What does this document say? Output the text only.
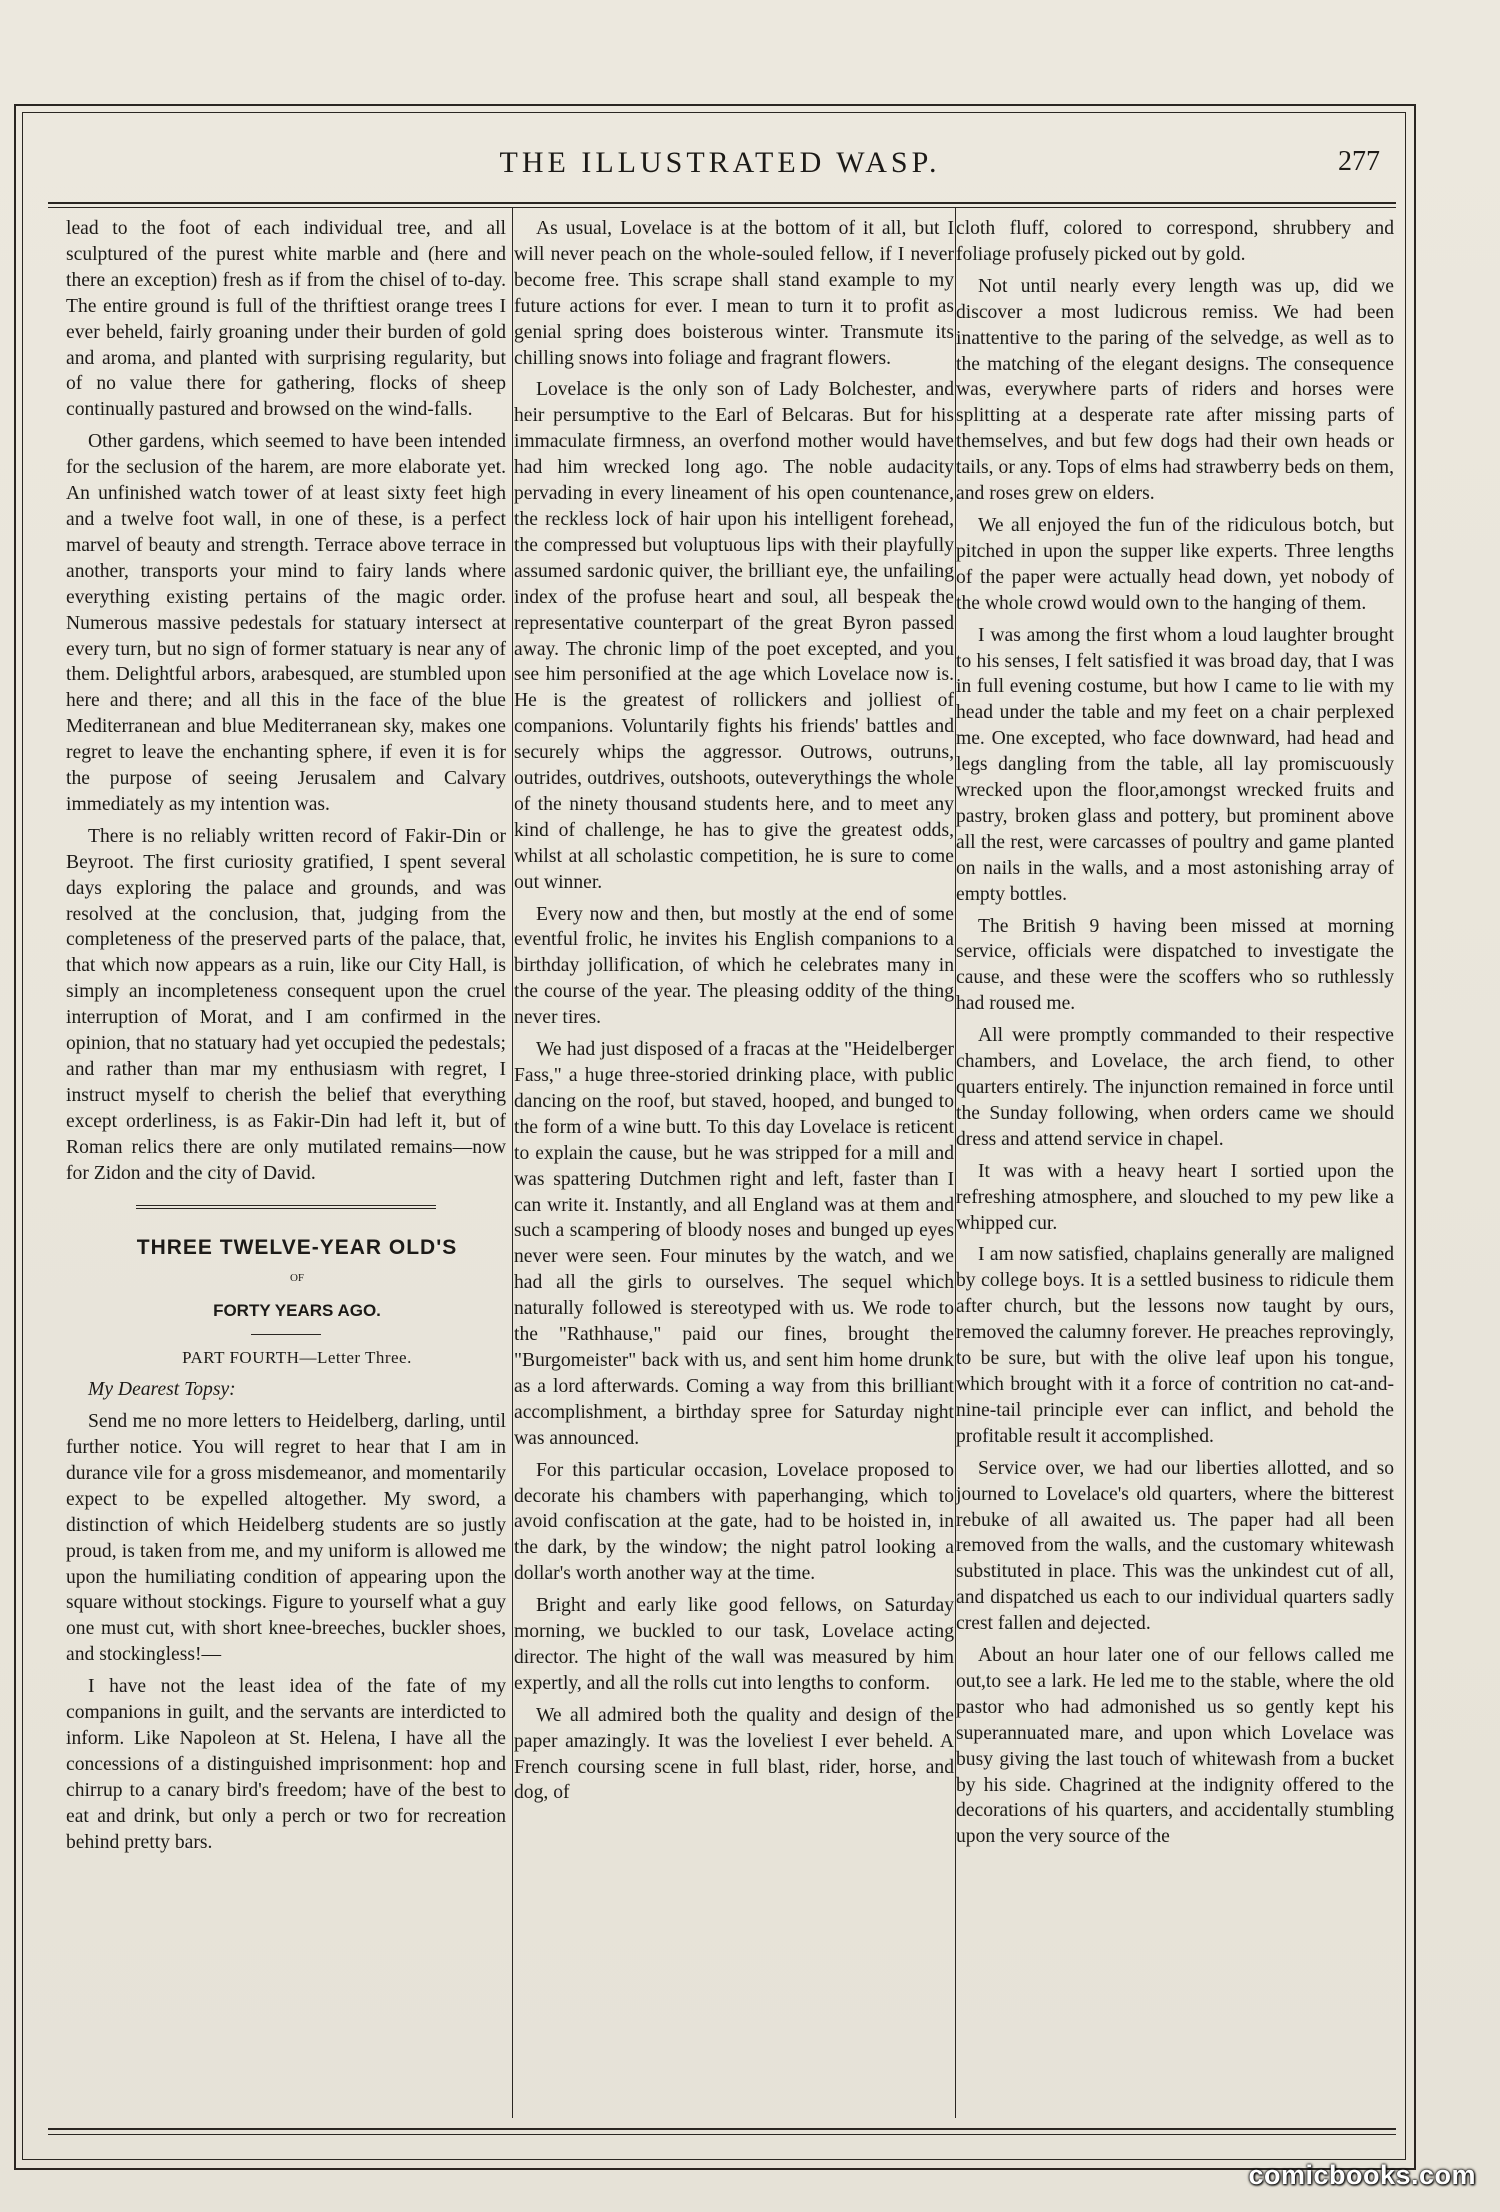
THE ILLUSTRATED WASP.	277

lead to the foot of each individual tree, and all sculptured of the purest white marble and (here and there an exception) fresh as if from the chisel of to-day. The entire ground is full of the thriftiest orange trees I ever beheld, fairly groaning under their burden of gold and aroma, and planted with surprising regularity, but of no value there for gathering, flocks of sheep continually pastured and browsed on the wind-falls.

Other gardens, which seemed to have been intended for the seclusion of the harem, are more elaborate yet. An unfinished watch tower of at least sixty feet high and a twelve foot wall, in one of these, is a perfect marvel of beauty and strength. Terrace above terrace in another, transports your mind to fairy lands where everything existing pertains of the magic order. Numerous massive pedestals for statuary intersect at every turn, but no sign of former statuary is near any of them. Delightful arbors, arabesqued, are stumbled upon here and there; and all this in the face of the blue Mediterranean and blue Mediterranean sky, makes one regret to leave the enchanting sphere, if even it is for the purpose of seeing Jerusalem and Calvary immediately as my intention was.

There is no reliably written record of Fakir-Din or Beyroot. The first curiosity gratified, I spent several days exploring the palace and grounds, and was resolved at the conclusion, that, judging from the completeness of the preserved parts of the palace, that, that which now appears as a ruin, like our City Hall, is simply an incompleteness consequent upon the cruel interruption of Morat, and I am confirmed in the opinion, that no statuary had yet occupied the pedestals; and rather than mar my enthusiasm with regret, I instruct myself to cherish the belief that everything except orderliness, is as Fakir-Din had left it, but of Roman relics there are only mutilated remains—now for Zidon and the city of David.

THREE TWELVE-YEAR OLD'S

OF

FORTY YEARS AGO.

PART FOURTH—Letter Three.

My Dearest Topsy:

Send me no more letters to Heidelberg, darling, until further notice. You will regret to hear that I am in durance vile for a gross misdemeanor, and momentarily expect to be expelled altogether. My sword, a distinction of which Heidelberg students are so justly proud, is taken from me, and my uniform is allowed me upon the humiliating condition of appearing upon the square without stockings. Figure to yourself what a guy one must cut, with short knee-breeches, buckler shoes, and stockingless!—

I have not the least idea of the fate of my companions in guilt, and the servants are interdicted to inform. Like Napoleon at St. Helena, I have all the concessions of a distinguished imprisonment: hop and chirrup to a canary bird's freedom; have of the best to eat and drink, but only a perch or two for recreation behind pretty bars.

As usual, Lovelace is at the bottom of it all, but I will never peach on the whole-souled fellow, if I never become free. This scrape shall stand example to my future actions for ever. I mean to turn it to profit as genial spring does boisterous winter. Transmute its chilling snows into foliage and fragrant flowers.

Lovelace is the only son of Lady Bolchester, and heir persumptive to the Earl of Belcaras. But for his immaculate firmness, an overfond mother would have had him wrecked long ago. The noble audacity pervading in every lineament of his open countenance, the reckless lock of hair upon his intelligent forehead, the compressed but voluptuous lips with their playfully assumed sardonic quiver, the brilliant eye, the unfailing index of the profuse heart and soul, all bespeak the representative counterpart of the great Byron passed away. The chronic limp of the poet excepted, and you see him personified at the age which Lovelace now is. He is the greatest of rollickers and jolliest of companions. Voluntarily fights his friends' battles and securely whips the aggressor. Outrows, outruns, outrides, outdrives, outshoots, outeverythings the whole of the ninety thousand students here, and to meet any kind of challenge, he has to give the greatest odds, whilst at all scholastic competition, he is sure to come out winner.

Every now and then, but mostly at the end of some eventful frolic, he invites his English companions to a birthday jollification, of which he celebrates many in the course of the year. The pleasing oddity of the thing never tires.

We had just disposed of a fracas at the "Heidelberger Fass," a huge three-storied drinking place, with public dancing on the roof, but staved, hooped, and bunged to the form of a wine butt. To this day Lovelace is reticent to explain the cause, but he was stripped for a mill and was spattering Dutchmen right and left, faster than I can write it. Instantly, and all England was at them and such a scampering of bloody noses and bunged up eyes never were seen. Four minutes by the watch, and we had all the girls to ourselves. The sequel which naturally followed is stereotyped with us. We rode to the "Rathhause," paid our fines, brought the "Burgomeister" back with us, and sent him home drunk as a lord afterwards. Coming a way from this brilliant accomplishment, a birthday spree for Saturday night was announced.

For this particular occasion, Lovelace proposed to decorate his chambers with paperhanging, which to avoid confiscation at the gate, had to be hoisted in, in the dark, by the window; the night patrol looking a dollar's worth another way at the time.

Bright and early like good fellows, on Saturday morning, we buckled to our task, Lovelace acting director. The hight of the wall was measured by him expertly, and all the rolls cut into lengths to conform.

We all admired both the quality and design of the paper amazingly. It was the loveliest I ever beheld. A French coursing scene in full blast, rider, horse, and dog, of

cloth fluff, colored to correspond, shrubbery and foliage profusely picked out by gold.

Not until nearly every length was up, did we discover a most ludicrous remiss. We had been inattentive to the paring of the selvedge, as well as to the matching of the elegant designs. The consequence was, everywhere parts of riders and horses were splitting at a desperate rate after missing parts of themselves, and but few dogs had their own heads or tails, or any. Tops of elms had strawberry beds on them, and roses grew on elders.

We all enjoyed the fun of the ridiculous botch, but pitched in upon the supper like experts. Three lengths of the paper were actually head down, yet nobody of the whole crowd would own to the hanging of them.

I was among the first whom a loud laughter brought to his senses, I felt satisfied it was broad day, that I was in full evening costume, but how I came to lie with my head under the table and my feet on a chair perplexed me. One excepted, who face downward, had head and legs dangling from the table, all lay promiscuously wrecked upon the floor,amongst wrecked fruits and pastry, broken glass and pottery, but prominent above all the rest, were carcasses of poultry and game planted on nails in the walls, and a most astonishing array of empty bottles.

The British 9 having been missed at morning service, officials were dispatched to investigate the cause, and these were the scoffers who so ruthlessly had roused me.

All were promptly commanded to their respective chambers, and Lovelace, the arch fiend, to other quarters entirely. The injunction remained in force until the Sunday following, when orders came we should dress and attend service in chapel.

It was with a heavy heart I sortied upon the refreshing atmosphere, and slouched to my pew like a whipped cur.

I am now satisfied, chaplains generally are maligned by college boys. It is a settled business to ridicule them after church, but the lessons now taught by ours, removed the calumny forever. He preaches reprovingly, to be sure, but with the olive leaf upon his tongue, which brought with it a force of contrition no cat-and-nine-tail principle ever can inflict, and behold the profitable result it accomplished.

Service over, we had our liberties allotted, and so journed to Lovelace's old quarters, where the bitterest rebuke of all awaited us. The paper had all been removed from the walls, and the customary whitewash substituted in place. This was the unkindest cut of all, and dispatched us each to our individual quarters sadly crest fallen and dejected.

About an hour later one of our fellows called me out,to see a lark. He led me to the stable, where the old pastor who had admonished us so gently kept his superannuated mare, and upon which Lovelace was busy giving the last touch of whitewash from a bucket by his side. Chagrined at the indignity offered to the decorations of his quarters, and accidentally stumbling upon the very source of the

comicbooks.com
